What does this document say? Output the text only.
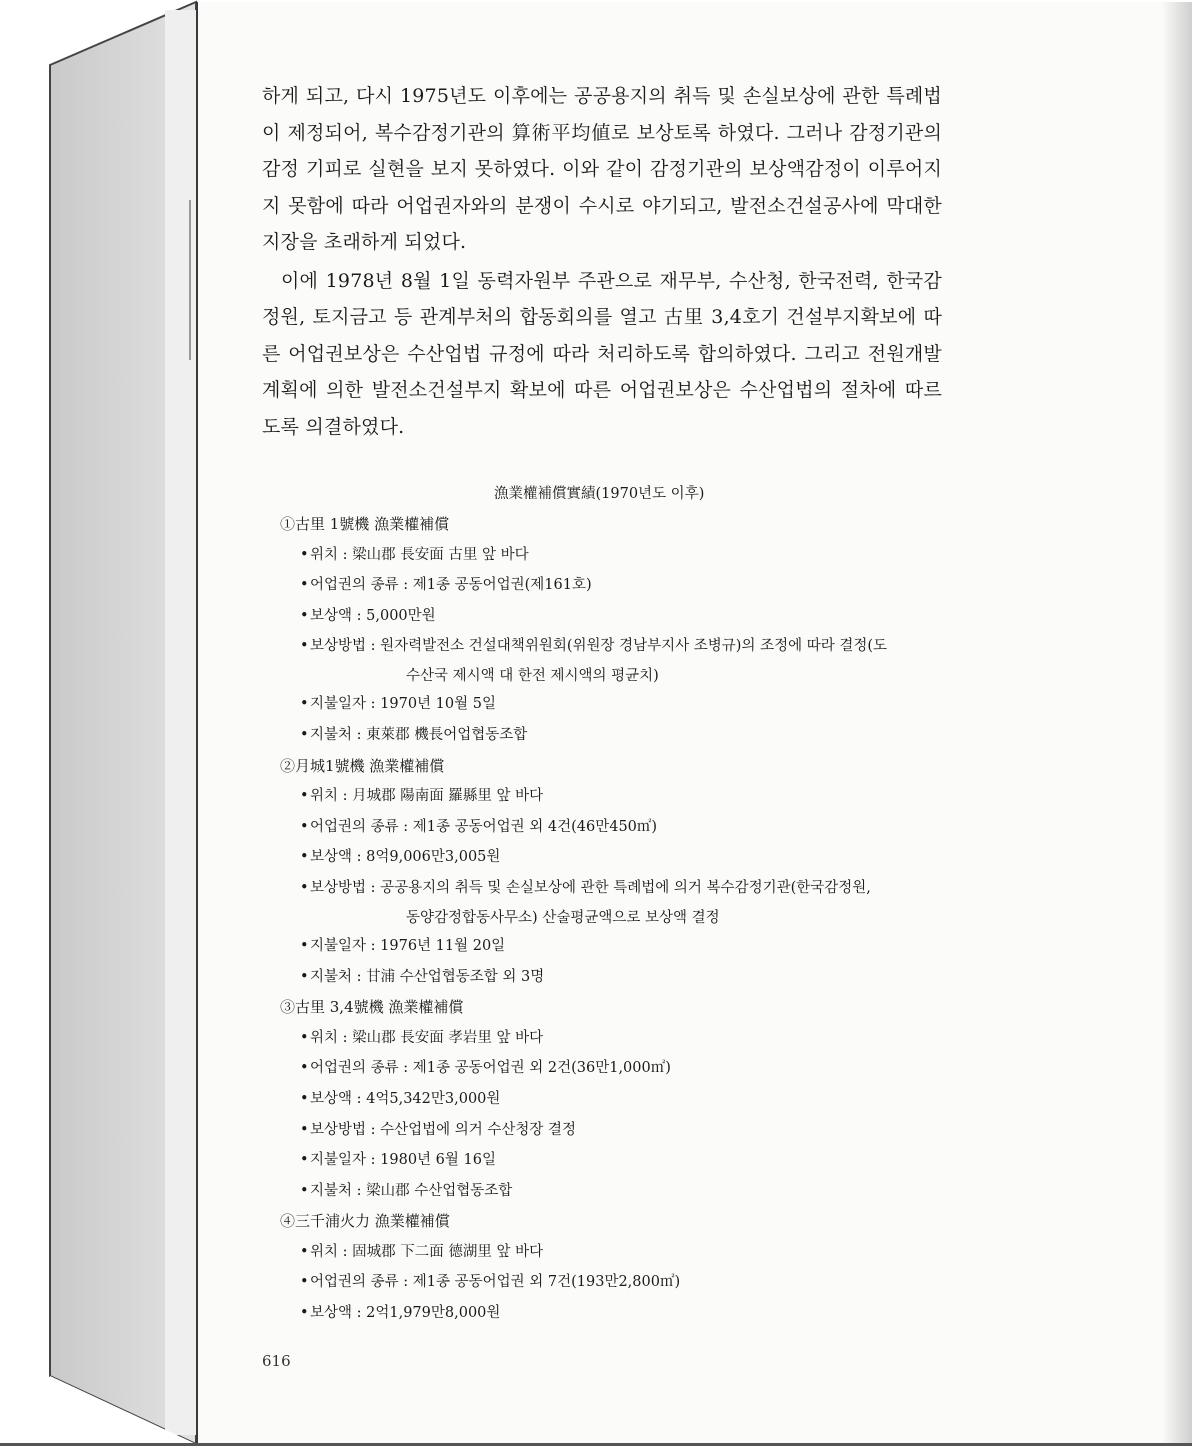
하게 되고, 다시 1975년도 이후에는 공공용지의 취득 및 손실보상에 관한 특례법이 제정되어, 복수감정기관의 算術平均値로 보상토록 하였다. 그러나 감정기관의 감정 기피로 실현을 보지 못하였다. 이와 같이 감정기관의 보상액감정이 이루어지지 못함에 따라 어업권자와의 분쟁이 수시로 야기되고, 발전소건설공사에 막대한 지장을 초래하게 되었다.

이에 1978년 8월 1일 동력자원부 주관으로 재무부, 수산청, 한국전력, 한국감정원, 토지금고 등 관계부처의 합동회의를 열고 古里 3,4호기 건설부지확보에 따른 어업권보상은 수산업법 규정에 따라 처리하도록 합의하였다. 그리고 전원개발계획에 의한 발전소건설부지 확보에 따른 어업권보상은 수산업법의 절차에 따르도록 의결하였다.

漁業權補償實績(1970년도 이후)
①古里 1號機 漁業權補償
• 위치 : 梁山郡 長安面 古里 앞 바다
• 어업권의 종류 : 제1종 공동어업권(제161호)
• 보상액 : 5,000만원
• 보상방법 : 원자력발전소 건설대책위원회(위원장 경남부지사 조병규)의 조정에 따라 결정(도
수산국 제시액 대 한전 제시액의 평균치)
• 지불일자 : 1970년 10월 5일
• 지불처 : 東萊郡 機長어업협동조합
②月城1號機 漁業權補償
• 위치 : 月城郡 陽南面 羅縣里 앞 바다
• 어업권의 종류 : 제1종 공동어업권 외 4건(46만450㎡)
• 보상액 : 8억9,006만3,005원
• 보상방법 : 공공용지의 취득 및 손실보상에 관한 특례법에 의거 복수감정기관(한국감정원,
동양감정합동사무소) 산술평균액으로 보상액 결정
• 지불일자 : 1976년 11월 20일
• 지불처 : 甘浦 수산업협동조합 외 3명
③古里 3,4號機 漁業權補償
• 위치 : 梁山郡 長安面 孝岩里 앞 바다
• 어업권의 종류 : 제1종 공동어업권 외 2건(36만1,000㎡)
• 보상액 : 4억5,342만3,000원
• 보상방법 : 수산업법에 의거 수산청장 결정
• 지불일자 : 1980년 6월 16일
• 지불처 : 梁山郡 수산업협동조합
④三千浦火力 漁業權補償
• 위치 : 固城郡 下二面 德湖里 앞 바다
• 어업권의 종류 : 제1종 공동어업권 외 7건(193만2,800㎡)
• 보상액 : 2억1,979만8,000원
616
